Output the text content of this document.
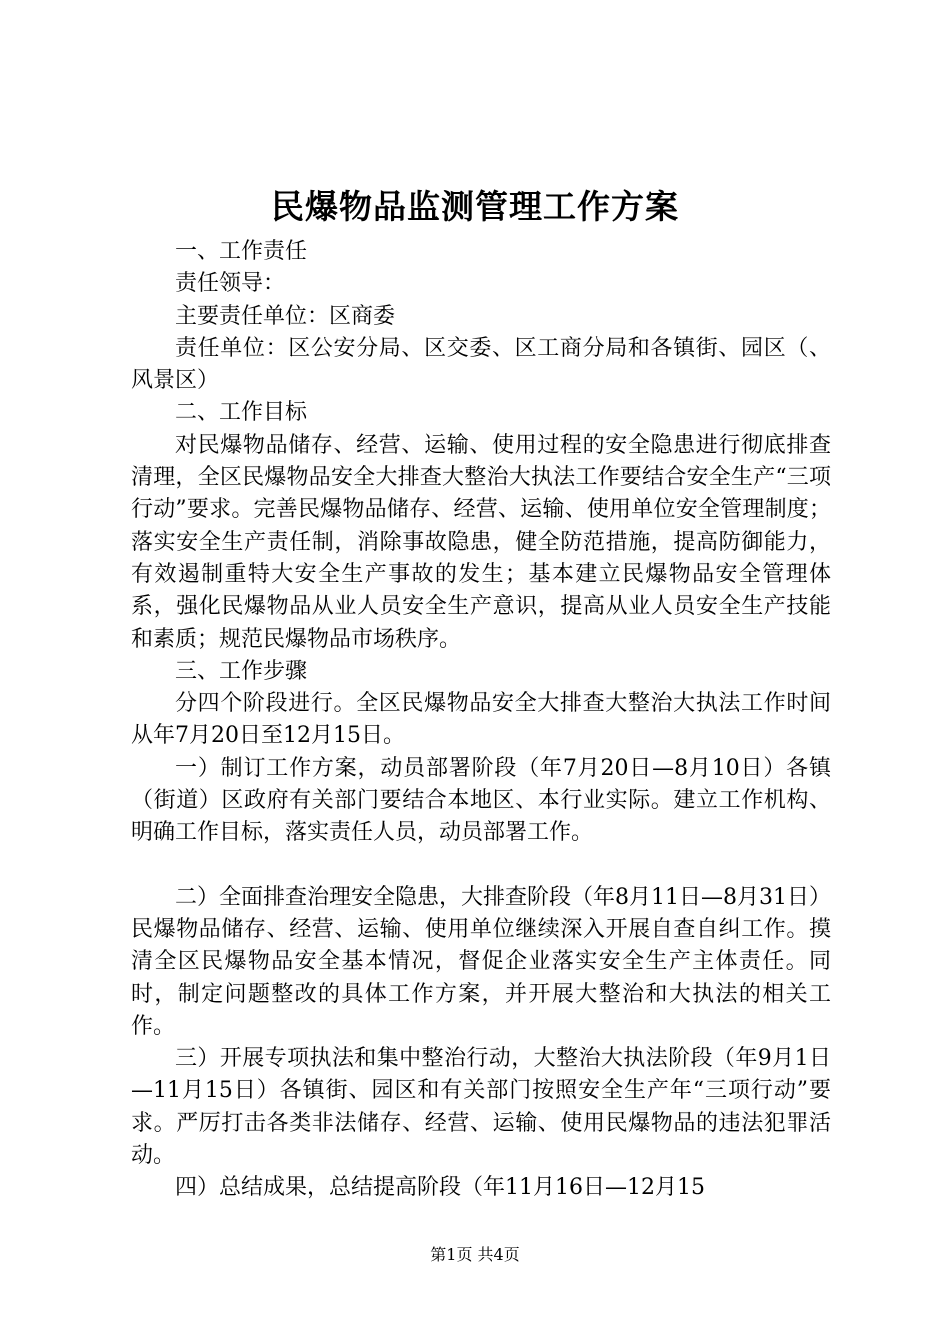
民爆物品监测管理工作方案

一、工作责任

责任领导：

主要责任单位：区商委

责任单位：区公安分局、区交委、区工商分局和各镇街、园区（、风景区）

二、工作目标

对民爆物品储存、经营、运输、使用过程的安全隐患进行彻底排查清理，全区民爆物品安全大排查大整治大执法工作要结合安全生产“三项行动”要求。完善民爆物品储存、经营、运输、使用单位安全管理制度；落实安全生产责任制，消除事故隐患，健全防范措施，提高防御能力，有效遏制重特大安全生产事故的发生；基本建立民爆物品安全管理体系，强化民爆物品从业人员安全生产意识，提高从业人员安全生产技能和素质；规范民爆物品市场秩序。

三、工作步骤

分四个阶段进行。全区民爆物品安全大排查大整治大执法工作时间从年7月20日至12月15日。

一）制订工作方案，动员部署阶段（年7月20日—8月10日）各镇（街道）区政府有关部门要结合本地区、本行业实际。建立工作机构、明确工作目标，落实责任人员，动员部署工作。

二）全面排查治理安全隐患，大排查阶段（年8月11日—8月31日）民爆物品储存、经营、运输、使用单位继续深入开展自查自纠工作。摸清全区民爆物品安全基本情况，督促企业落实安全生产主体责任。同时，制定问题整改的具体工作方案，并开展大整治和大执法的相关工作。

三）开展专项执法和集中整治行动，大整治大执法阶段（年9月1日—11月15日）各镇街、园区和有关部门按照安全生产年“三项行动”要求。严厉打击各类非法储存、经营、运输、使用民爆物品的违法犯罪活动。

四）总结成果，总结提高阶段（年11月16日—12月15

第1页 共4页
